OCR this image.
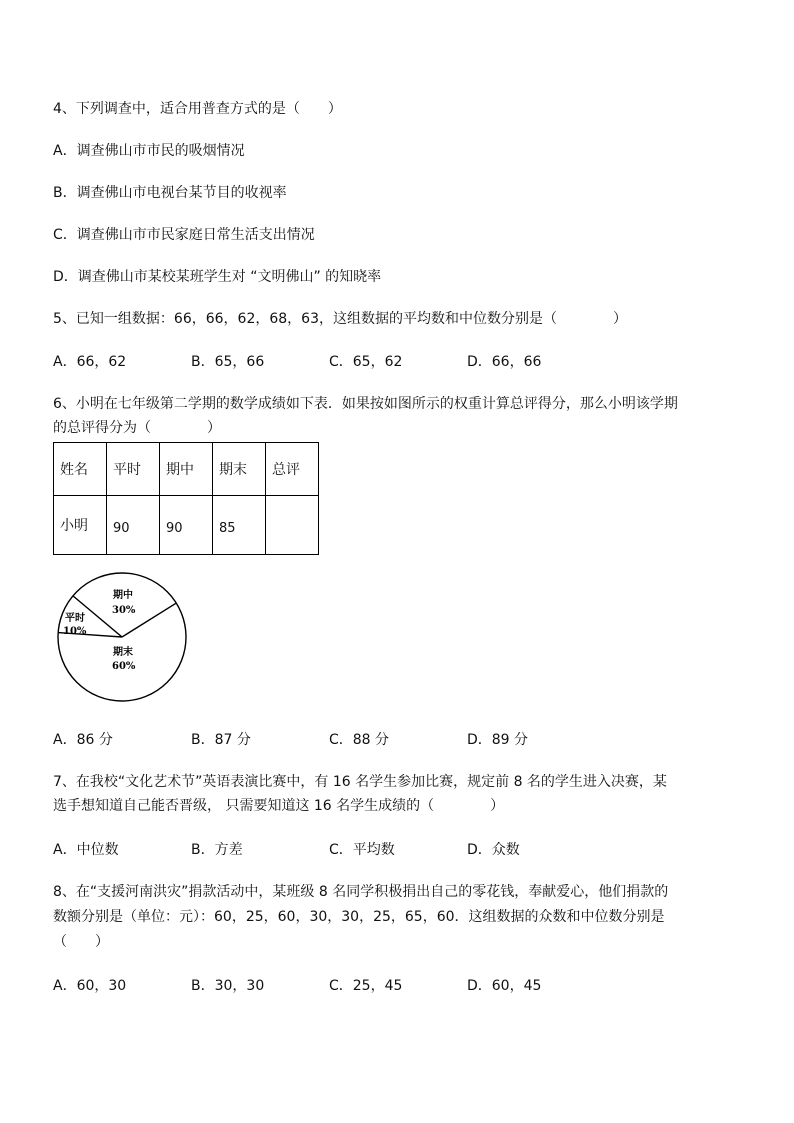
4、下列调查中，适合用普查方式的是（　　）
A．调查佛山市市民的吸烟情况
B．调查佛山市电视台某节目的收视率
C．调查佛山市市民家庭日常生活支出情况
D．调查佛山市某校某班学生对 “文明佛山” 的知晓率
5、已知一组数据：66，66，62，68，63，这组数据的平均数和中位数分别是（　　　　）
A．66，62	B．65，66	C．65，62	D．66，66
6、小明在七年级第二学期的数学成绩如下表．如果按如图所示的权重计算总评得分，那么小明该学期
的总评得分为（　　　　）
姓名	平时	期中	期末	总评
小明	90	90	85	
期中
30%
平时
10%
期末
60%
A．86 分	B．87 分	C．88 分	D．89 分
7、在我校“文化艺术节”英语表演比赛中，有 16 名学生参加比赛，规定前 8 名的学生进入决赛，某
选手想知道自己能否晋级， 只需要知道这 16 名学生成绩的（　　　　）
A．中位数	B．方差	C．平均数	D．众数
8、在“支援河南洪灾”捐款活动中，某班级 8 名同学积极捐出自己的零花钱，奉献爱心，他们捐款的
数额分别是（单位：元）：60，25，60，30，30，25，65，60．这组数据的众数和中位数分别是
（　　）
A．60，30	B．30，30	C．25，45	D．60，45
